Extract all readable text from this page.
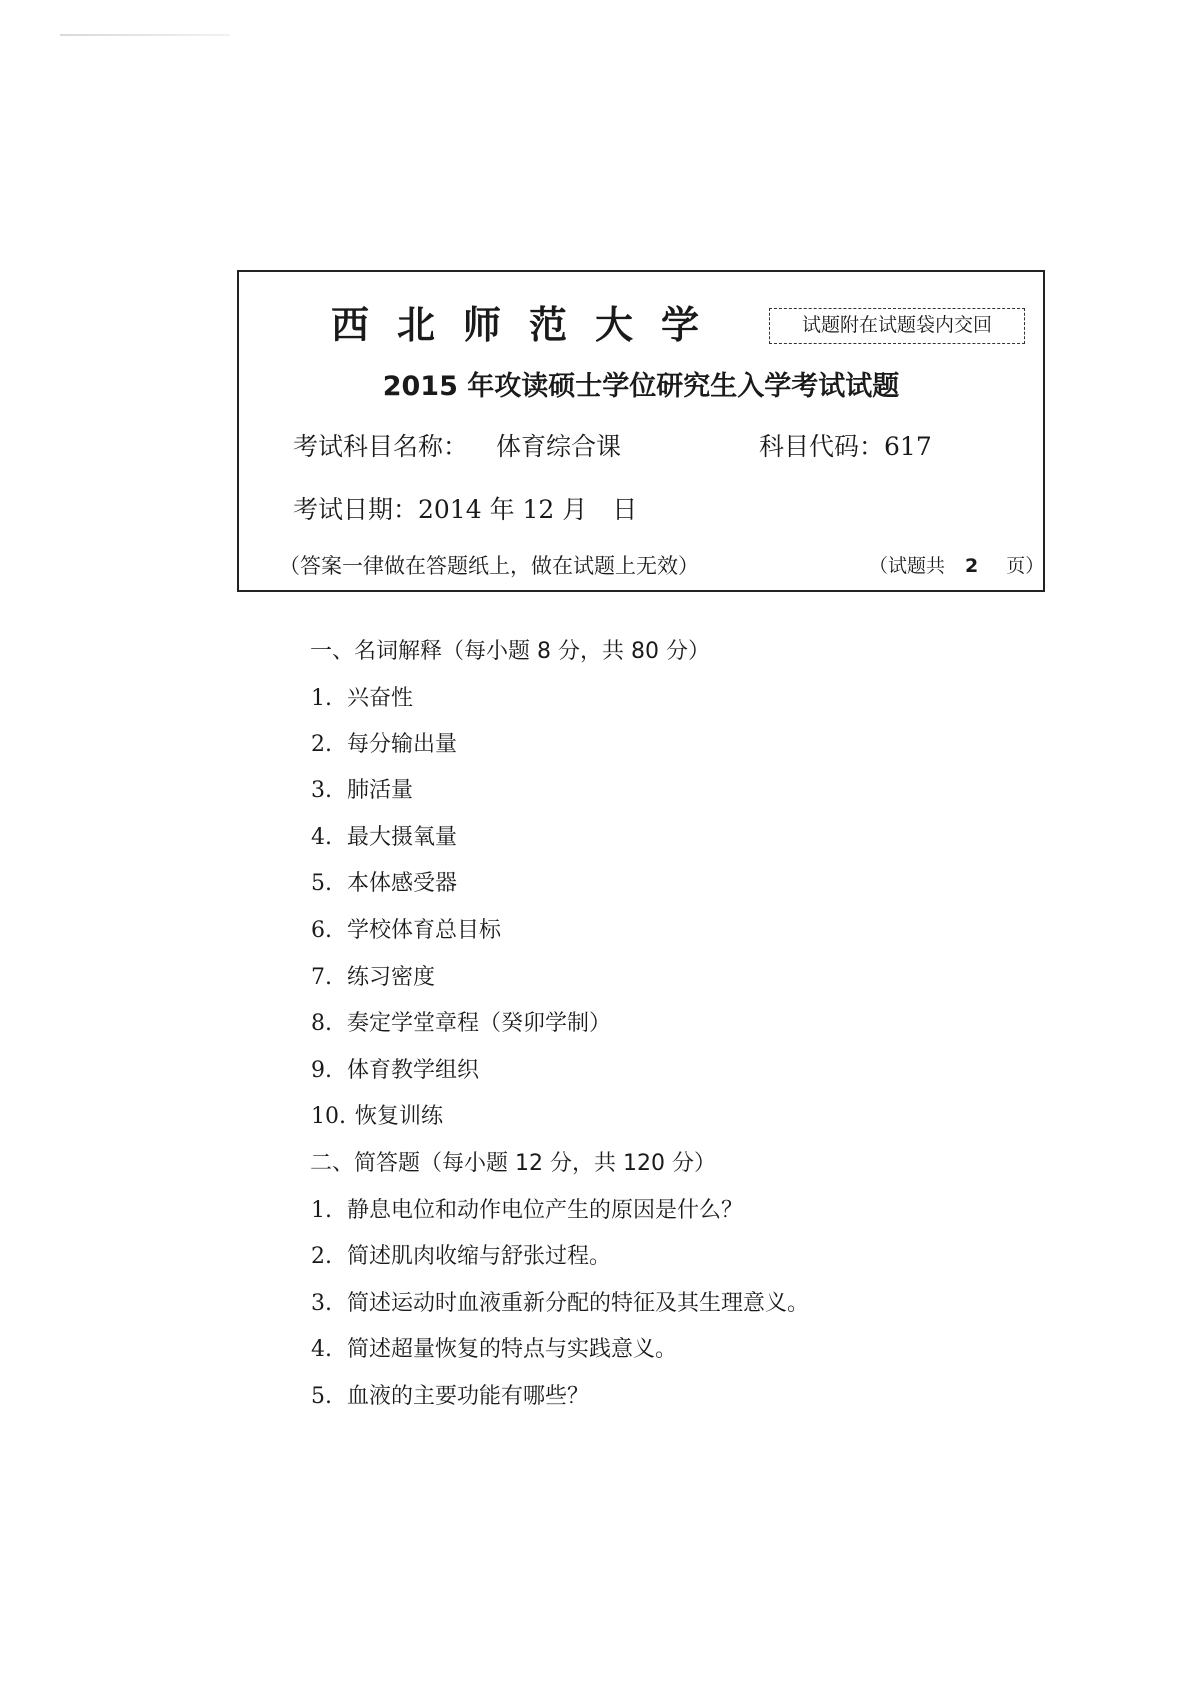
西北师范大学	试题附在试题袋内交回
2015 年攻读硕士学位研究生入学考试试题
考试科目名称： 体育综合课	科目代码：617
考试日期：2014 年 12 月　日
（答案一律做在答题纸上，做在试题上无效）	（试题共 2 页）
一、名词解释（每小题 8 分，共 80 分）
1. 兴奋性
2. 每分输出量
3. 肺活量
4. 最大摄氧量
5. 本体感受器
6. 学校体育总目标
7. 练习密度
8. 奏定学堂章程（癸卯学制）
9. 体育教学组织
10. 恢复训练
二、简答题（每小题 12 分，共 120 分）
1. 静息电位和动作电位产生的原因是什么？
2. 简述肌肉收缩与舒张过程。
3. 简述运动时血液重新分配的特征及其生理意义。
4. 简述超量恢复的特点与实践意义。
5. 血液的主要功能有哪些？
